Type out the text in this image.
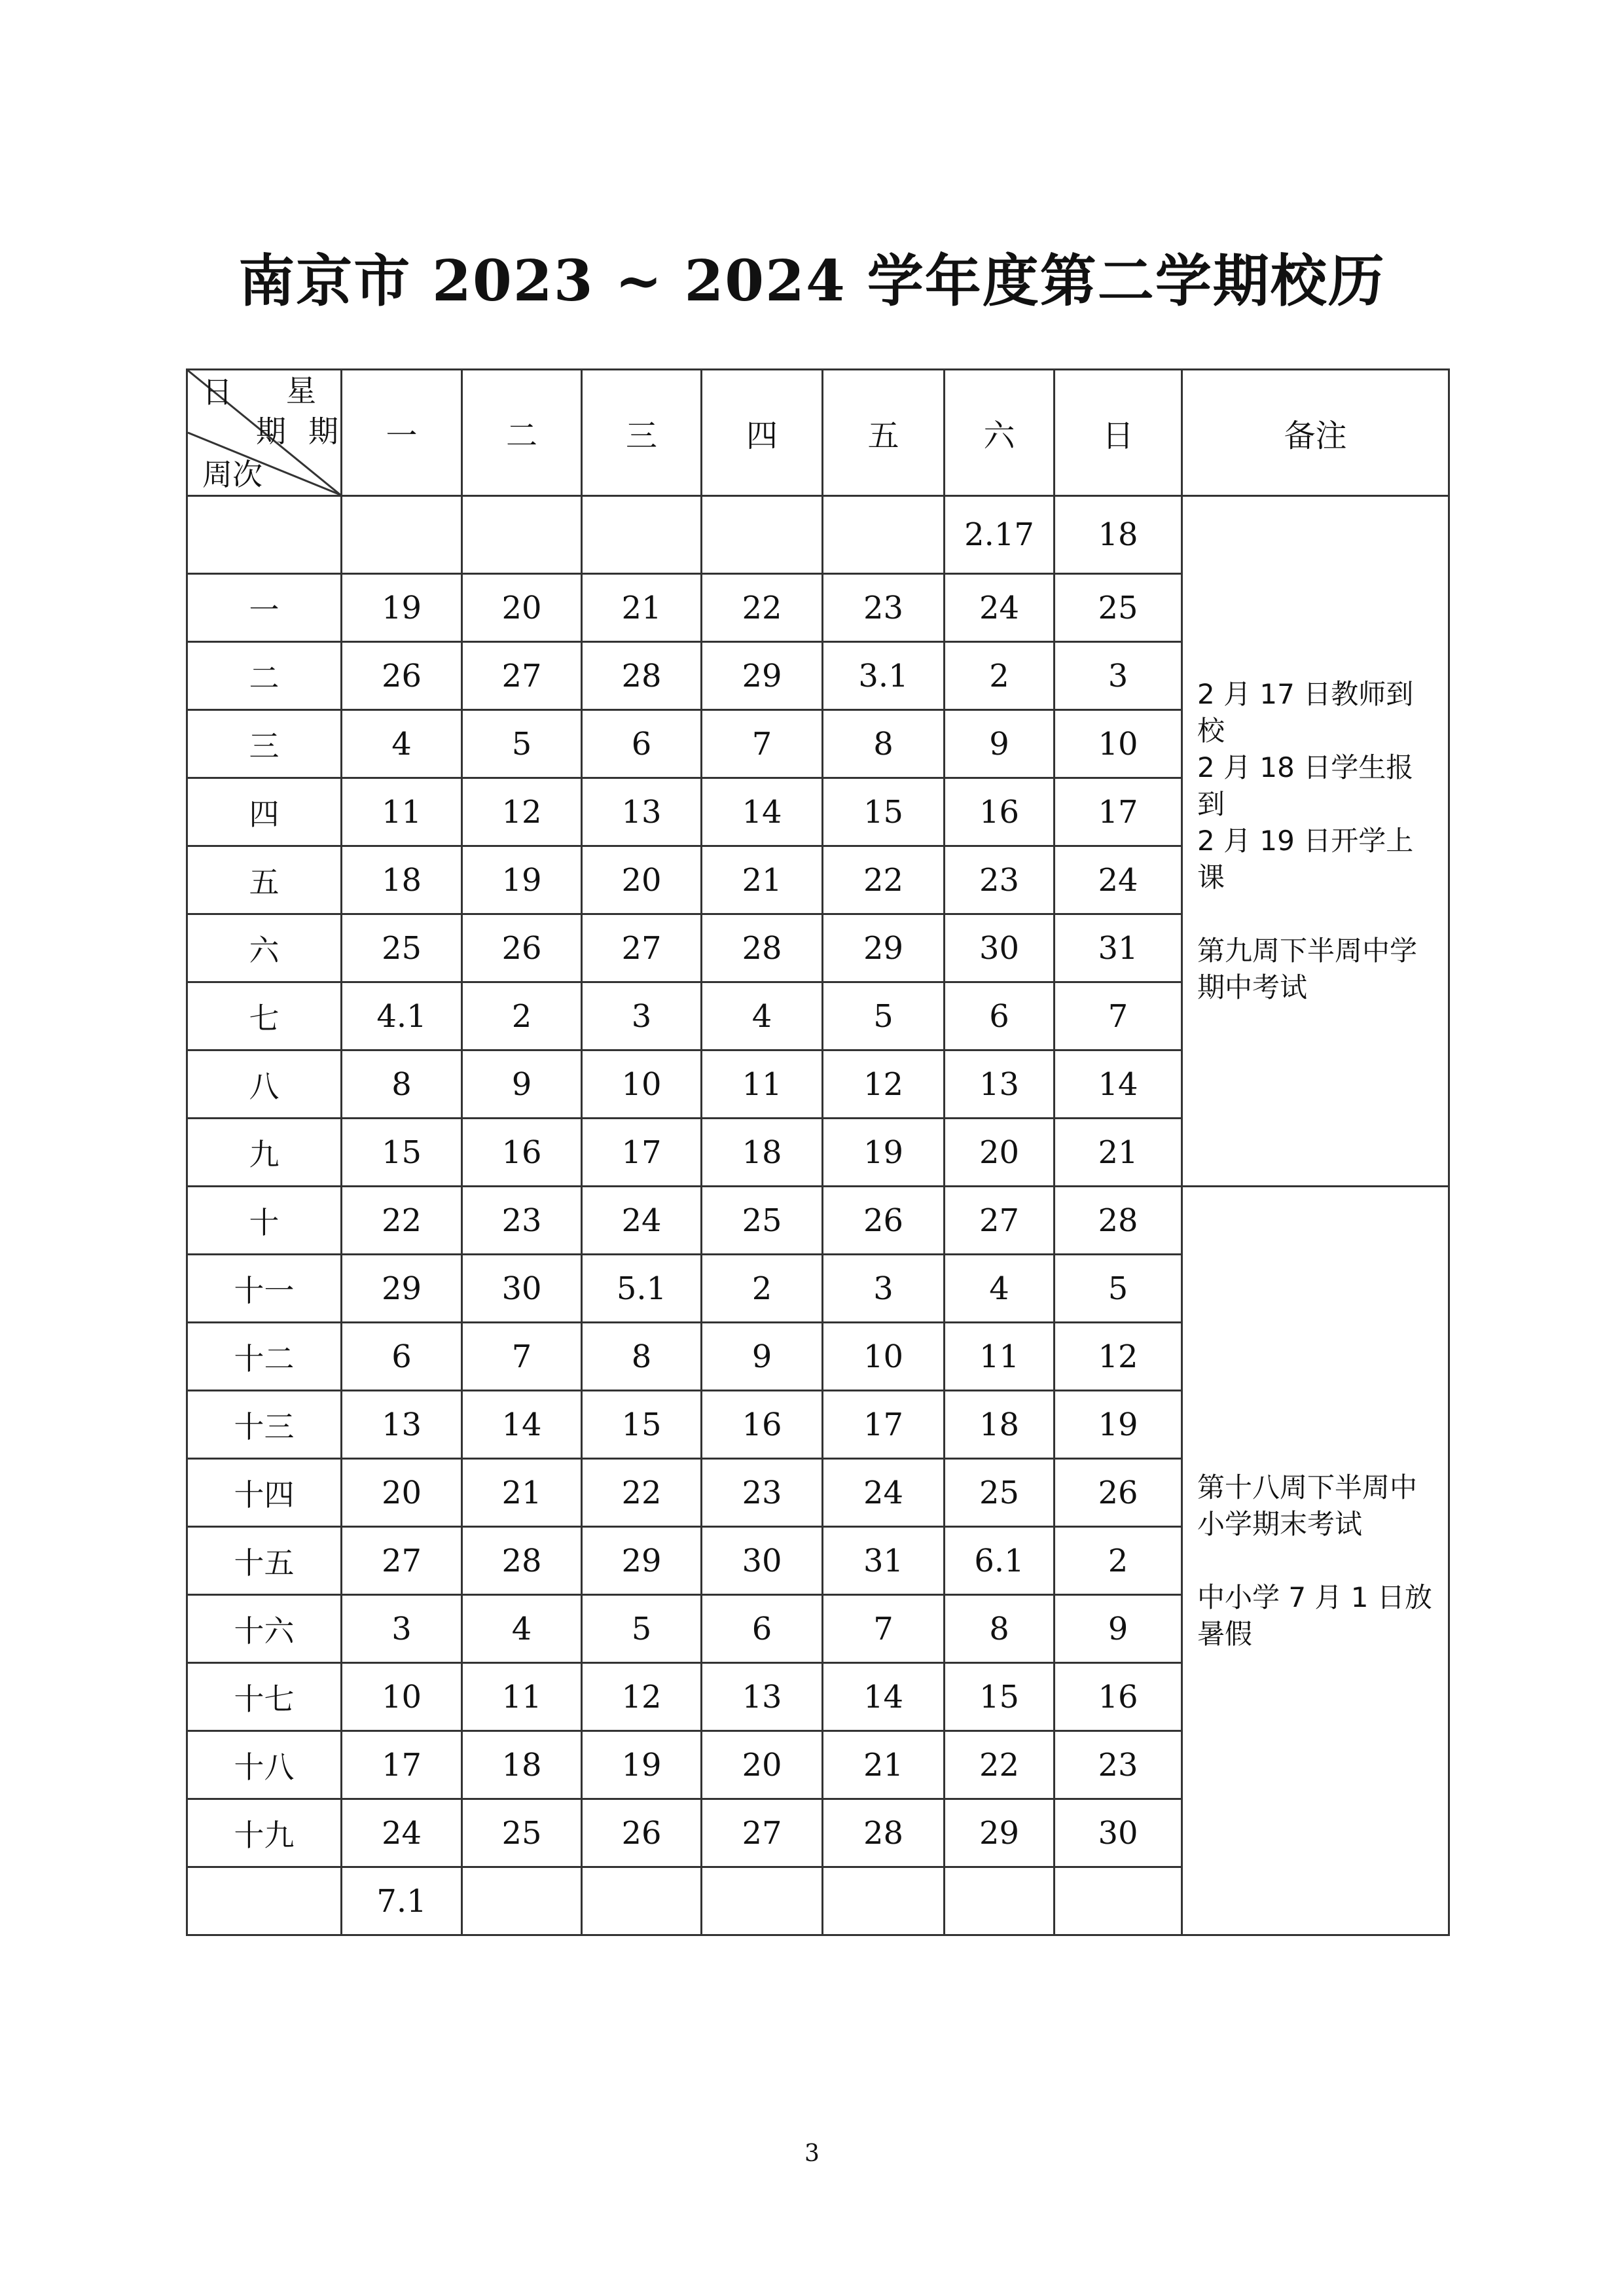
南京市 2023 ~ 2024 学年度第二学期校历
日 星
期
期
周次	一	二	三	四	五	六	日	备注
						2.17	18	2 月 17 日教师到校
2 月 18 日学生报到
2 月 19 日开学上课
第九周下半周中学
期中考试

一	19	20	21	22	23	24	25	
二	26	27	28	29	3.1	2	3	
三	4	5	6	7	8	9	10	
四	11	12	13	14	15	16	17	
五	18	19	20	21	22	23	24	
六	25	26	27	28	29	30	31	
七	4.1	2	3	4	5	6	7	
八	8	9	10	11	12	13	14	
九	15	16	17	18	19	20	21	
十	22	23	24	25	26	27	28	第十八周下半周中
小学期末考试
中小学 7 月 1 日放
暑假

十一	29	30	5.1	2	3	4	5	
十二	6	7	8	9	10	11	12	
十三	13	14	15	16	17	18	19	
十四	20	21	22	23	24	25	26	
十五	27	28	29	30	31	6.1	2	
十六	3	4	5	6	7	8	9	
十七	10	11	12	13	14	15	16	
十八	17	18	19	20	21	22	23	
十九	24	25	26	27	28	29	30	
	7.1							
3
